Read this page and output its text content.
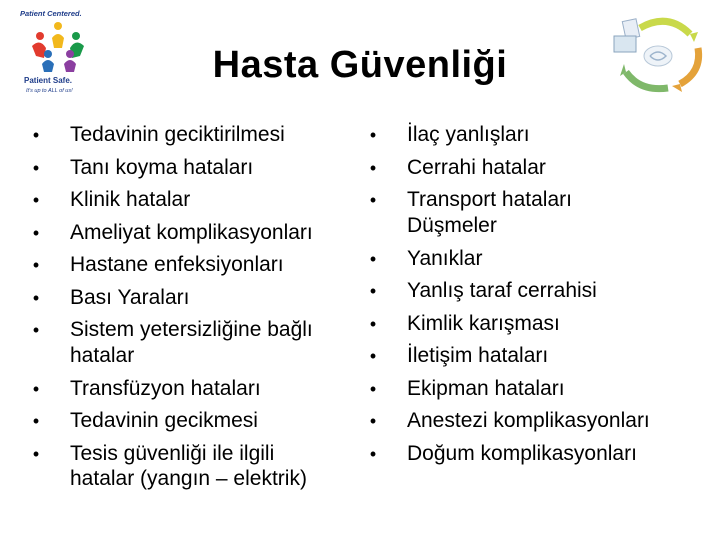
Patient Centered.
Patient Safe.
It's up to ALL of us!
Hasta Güvenliği
• Tedavinin geciktirilmesi
• Tanı koyma hataları
• Klinik hatalar
• Ameliyat komplikasyonları
• Hastane enfeksiyonları
• Bası Yaraları
• Sistem yetersizliğine bağlı
hatalar
• Transfüzyon hataları
• Tedavinin gecikmesi
• Tesis güvenliği ile ilgili
hatalar (yangın – elektrik)
• İlaç yanlışları
• Cerrahi hatalar
• Transport hataları
Düşmeler
• Yanıklar
• Yanlış taraf cerrahisi
• Kimlik karışması
• İletişim hataları
• Ekipman hataları
• Anestezi komplikasyonları
• Doğum komplikasyonları
